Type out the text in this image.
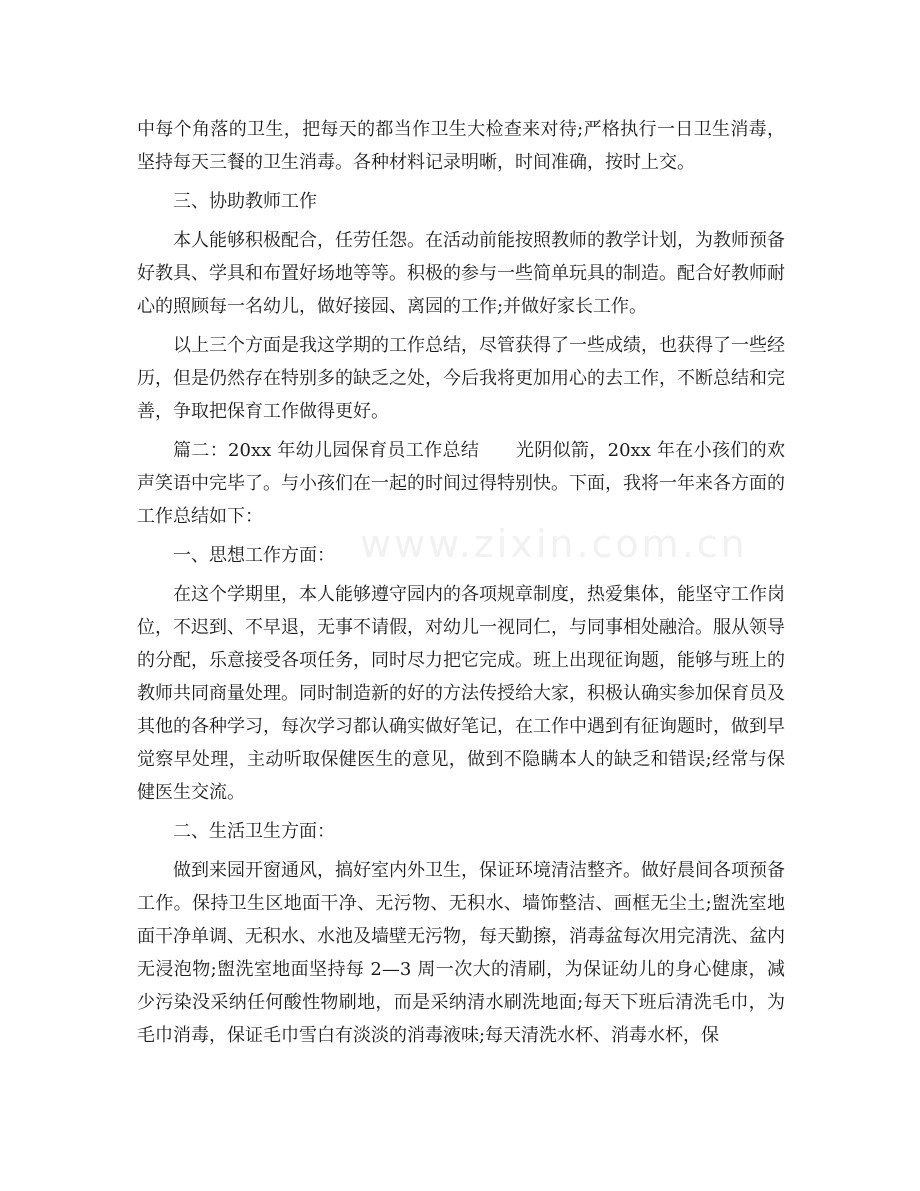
www.zixin.com.cn

中每个角落的卫生，把每天的都当作卫生大检查来对待;严格执行一日卫生消毒，坚持每天三餐的卫生消毒。各种材料记录明晰，时间准确，按时上交。

三、协助教师工作

本人能够积极配合，任劳任怨。在活动前能按照教师的教学计划，为教师预备好教具、学具和布置好场地等等。积极的参与一些简单玩具的制造。配合好教师耐心的照顾每一名幼儿，做好接园、离园的工作;并做好家长工作。

以上三个方面是我这学期的工作总结，尽管获得了一些成绩，也获得了一些经历，但是仍然存在特别多的缺乏之处，今后我将更加用心的去工作，不断总结和完善，争取把保育工作做得更好。

篇二：20xx 年幼儿园保育员工作总结　　光阴似箭，20xx 年在小孩们的欢声笑语中完毕了。与小孩们在一起的时间过得特别快。下面，我将一年来各方面的工作总结如下：

一、思想工作方面：

在这个学期里，本人能够遵守园内的各项规章制度，热爱集体，能坚守工作岗位，不迟到、不早退，无事不请假，对幼儿一视同仁，与同事相处融洽。服从领导的分配，乐意接受各项任务，同时尽力把它完成。班上出现征询题，能够与班上的教师共同商量处理。同时制造新的好的方法传授给大家，积极认确实参加保育员及其他的各种学习，每次学习都认确实做好笔记，在工作中遇到有征询题时，做到早觉察早处理，主动听取保健医生的意见，做到不隐瞒本人的缺乏和错误;经常与保健医生交流。

二、生活卫生方面：

做到来园开窗通风，搞好室内外卫生，保证环境清洁整齐。做好晨间各项预备工作。保持卫生区地面干净、无污物、无积水、墙饰整洁、画框无尘土;盥洗室地面干净单调、无积水、水池及墙壁无污物，每天勤擦，消毒盆每次用完清洗、盆内无浸泡物;盥洗室地面坚持每 2—3 周一次大的清刷，为保证幼儿的身心健康，减少污染没采纳任何酸性物刷地，而是采纳清水刷洗地面;每天下班后清洗毛巾，为毛巾消毒，保证毛巾雪白有淡淡的消毒液味;每天清洗水杯、消毒水杯，保
